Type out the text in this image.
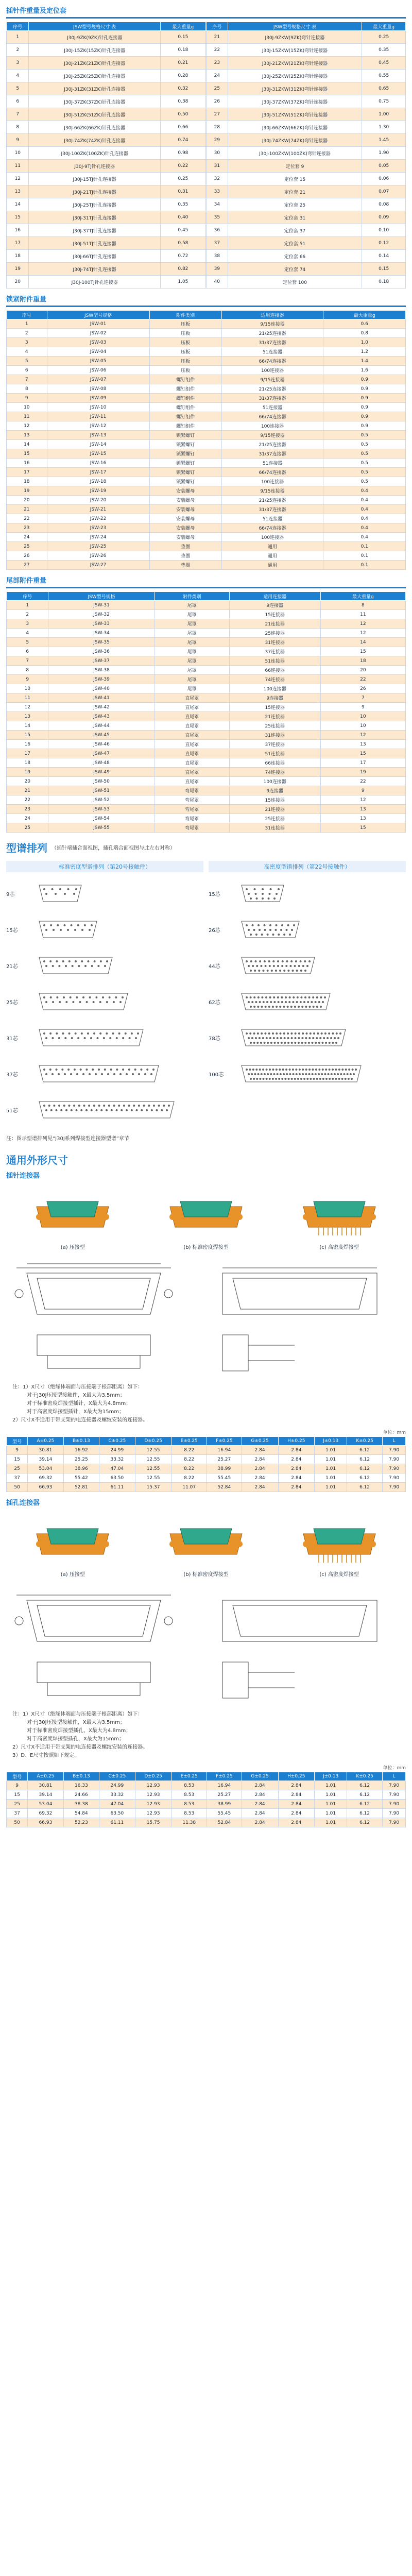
插针件重量及定位套
序号	JSW型号规格尺寸 表	最大重量g
1	J30J-9ZK(9ZK)针孔连接器	0.15
2	J30J-15ZK(15ZK)针孔连接器	0.18
3	J30J-21ZK(21ZK)针孔连接器	0.21
4	J30J-25ZK(25ZK)针孔连接器	0.28
5	J30J-31ZK(31ZK)针孔连接器	0.32
6	J30J-37ZK(37ZK)针孔连接器	0.38
7	J30J-51ZK(51ZK)针孔连接器	0.50
8	J30J-66ZK(66ZK)针孔连接器	0.66
9	J30J-74ZK(74ZK)针孔连接器	0.74
10	J30J-100ZK(100ZK)针孔连接器	0.98
11	J30J-9TJ针孔连接器	0.22
12	J30J-15TJ针孔连接器	0.25
13	J30J-21TJ针孔连接器	0.31
14	J30J-25TJ针孔连接器	0.35
15	J30J-31TJ针孔连接器	0.40
16	J30J-37TJ针孔连接器	0.45
17	J30J-51TJ针孔连接器	0.58
18	J30J-66TJ针孔连接器	0.72
19	J30J-74TJ针孔连接器	0.82
20	J30J-100TJ针孔连接器	1.05
序号	JSW型号规格尺寸 表	最大重量g
21	J30J-9ZKW(9ZK)弯针连接器	0.25
22	J30J-15ZKW(15ZK)弯针连接器	0.35
23	J30J-21ZKW(21ZK)弯针连接器	0.45
24	J30J-25ZKW(25ZK)弯针连接器	0.55
25	J30J-31ZKW(31ZK)弯针连接器	0.65
26	J30J-37ZKW(37ZK)弯针连接器	0.75
27	J30J-51ZKW(51ZK)弯针连接器	1.00
28	J30J-66ZKW(66ZK)弯针连接器	1.30
29	J30J-74ZKW(74ZK)弯针连接器	1.45
30	J30J-100ZKW(100ZK)弯针连接器	1.90
31	定位套 9	0.05
32	定位套 15	0.06
33	定位套 21	0.07
34	定位套 25	0.08
35	定位套 31	0.09
36	定位套 37	0.10
37	定位套 51	0.12
38	定位套 66	0.14
39	定位套 74	0.15
40	定位套 100	0.18
锁紧附件重量
序号	JSW型号规格	附件类别	适用连接器	最大重量g
1	JSW-01	压板	9/15连接器	0.6
2	JSW-02	压板	21/25连接器	0.8
3	JSW-03	压板	31/37连接器	1.0
4	JSW-04	压板	51连接器	1.2
5	JSW-05	压板	66/74连接器	1.4
6	JSW-06	压板	100连接器	1.6
7	JSW-07	螺钉组件	9/15连接器	0.9
8	JSW-08	螺钉组件	21/25连接器	0.9
9	JSW-09	螺钉组件	31/37连接器	0.9
10	JSW-10	螺钉组件	51连接器	0.9
11	JSW-11	螺钉组件	66/74连接器	0.9
12	JSW-12	螺钉组件	100连接器	0.9
13	JSW-13	锁紧螺钉	9/15连接器	0.5
14	JSW-14	锁紧螺钉	21/25连接器	0.5
15	JSW-15	锁紧螺钉	31/37连接器	0.5
16	JSW-16	锁紧螺钉	51连接器	0.5
17	JSW-17	锁紧螺钉	66/74连接器	0.5
18	JSW-18	锁紧螺钉	100连接器	0.5
19	JSW-19	安装螺母	9/15连接器	0.4
20	JSW-20	安装螺母	21/25连接器	0.4
21	JSW-21	安装螺母	31/37连接器	0.4
22	JSW-22	安装螺母	51连接器	0.4
23	JSW-23	安装螺母	66/74连接器	0.4
24	JSW-24	安装螺母	100连接器	0.4
25	JSW-25	垫圈	通用	0.1
26	JSW-26	垫圈	通用	0.1
27	JSW-27	垫圈	通用	0.1
尾部附件重量
序号	JSW型号规格	附件类别	适用连接器	最大重量g
1	JSW-31	尾罩	9连接器	8
2	JSW-32	尾罩	15连接器	11
3	JSW-33	尾罩	21连接器	12
4	JSW-34	尾罩	25连接器	12
5	JSW-35	尾罩	31连接器	14
6	JSW-36	尾罩	37连接器	15
7	JSW-37	尾罩	51连接器	18
8	JSW-38	尾罩	66连接器	20
9	JSW-39	尾罩	74连接器	22
10	JSW-40	尾罩	100连接器	26
11	JSW-41	直尾罩	9连接器	7
12	JSW-42	直尾罩	15连接器	9
13	JSW-43	直尾罩	21连接器	10
14	JSW-44	直尾罩	25连接器	10
15	JSW-45	直尾罩	31连接器	12
16	JSW-46	直尾罩	37连接器	13
17	JSW-47	直尾罩	51连接器	15
18	JSW-48	直尾罩	66连接器	17
19	JSW-49	直尾罩	74连接器	19
20	JSW-50	直尾罩	100连接器	22
21	JSW-51	弯尾罩	9连接器	9
22	JSW-52	弯尾罩	15连接器	12
23	JSW-53	弯尾罩	21连接器	13
24	JSW-54	弯尾罩	25连接器	13
25	JSW-55	弯尾罩	31连接器	15
型谱排列 （插针端插合面视图，插孔端合面视图与此左右对称）
标准密度型谱排列（第20号接触件）
9芯
15芯
21芯
25芯
31芯
37芯
51芯
高密度型谱排列（第22号接触件）
15芯
26芯
44芯
62芯
78芯
100芯
注：图示型谱排列见“J30J系列焊接型连接器型谱”章节
通用外形尺寸
插针连接器
(a) 压接型	(b) 标准密度焊接型	(c) 高密度焊接型
注：1）X尺寸（绝缘体端面与压接端子根部距离）如下：
对于J30J压接型接触件，X最大为3.5mm；
对于标准密度焊接型插针，X最大为4.8mm；
对于高密度焊接型插针，X最大为15mm；
2）尺寸X不适用于带支架的电连接器及螺纹安装的连接器。
单位：mm
型号	A±0.25	B±0.13	C±0.25	D±0.25	E±0.25	F±0.25	G±0.25	H±0.25	J±0.13	K±0.25	L
9	30.81	16.92	24.99	12.55	8.22	16.94	2.84	2.84	1.01	6.12	7.90
15	39.14	25.25	33.32	12.55	8.22	25.27	2.84	2.84	1.01	6.12	7.90
25	53.04	38.96	47.04	12.55	8.22	38.99	2.84	2.84	1.01	6.12	7.90
37	69.32	55.42	63.50	12.55	8.22	55.45	2.84	2.84	1.01	6.12	7.90
50	66.93	52.81	61.11	15.37	11.07	52.84	2.84	2.84	1.01	6.12	7.90
插孔连接器
(a) 压接型	(b) 标准密度焊接型	(c) 高密度焊接型
注：1）X尺寸（绝缘体端面与压接端子根部距离）如下：
对于J30J压接型接触件，X最大为3.5mm；
对于标准密度焊接型插孔，X最大为4.8mm；
对于高密度焊接型插孔，X最大为15mm；
2）尺寸X不适用于带支架的电连接器及螺纹安装的连接器。
3）D、E尺寸按照如下规定。
单位：mm
型号	A±0.25	B±0.13	C±0.25	D±0.25	E±0.25	F±0.25	G±0.25	H±0.25	J±0.13	K±0.25	L
9	30.81	16.33	24.99	12.93	8.53	16.94	2.84	2.84	1.01	6.12	7.90
15	39.14	24.66	33.32	12.93	8.53	25.27	2.84	2.84	1.01	6.12	7.90
25	53.04	38.38	47.04	12.93	8.53	38.99	2.84	2.84	1.01	6.12	7.90
37	69.32	54.84	63.50	12.93	8.53	55.45	2.84	2.84	1.01	6.12	7.90
50	66.93	52.23	61.11	15.75	11.38	52.84	2.84	2.84	1.01	6.12	7.90
